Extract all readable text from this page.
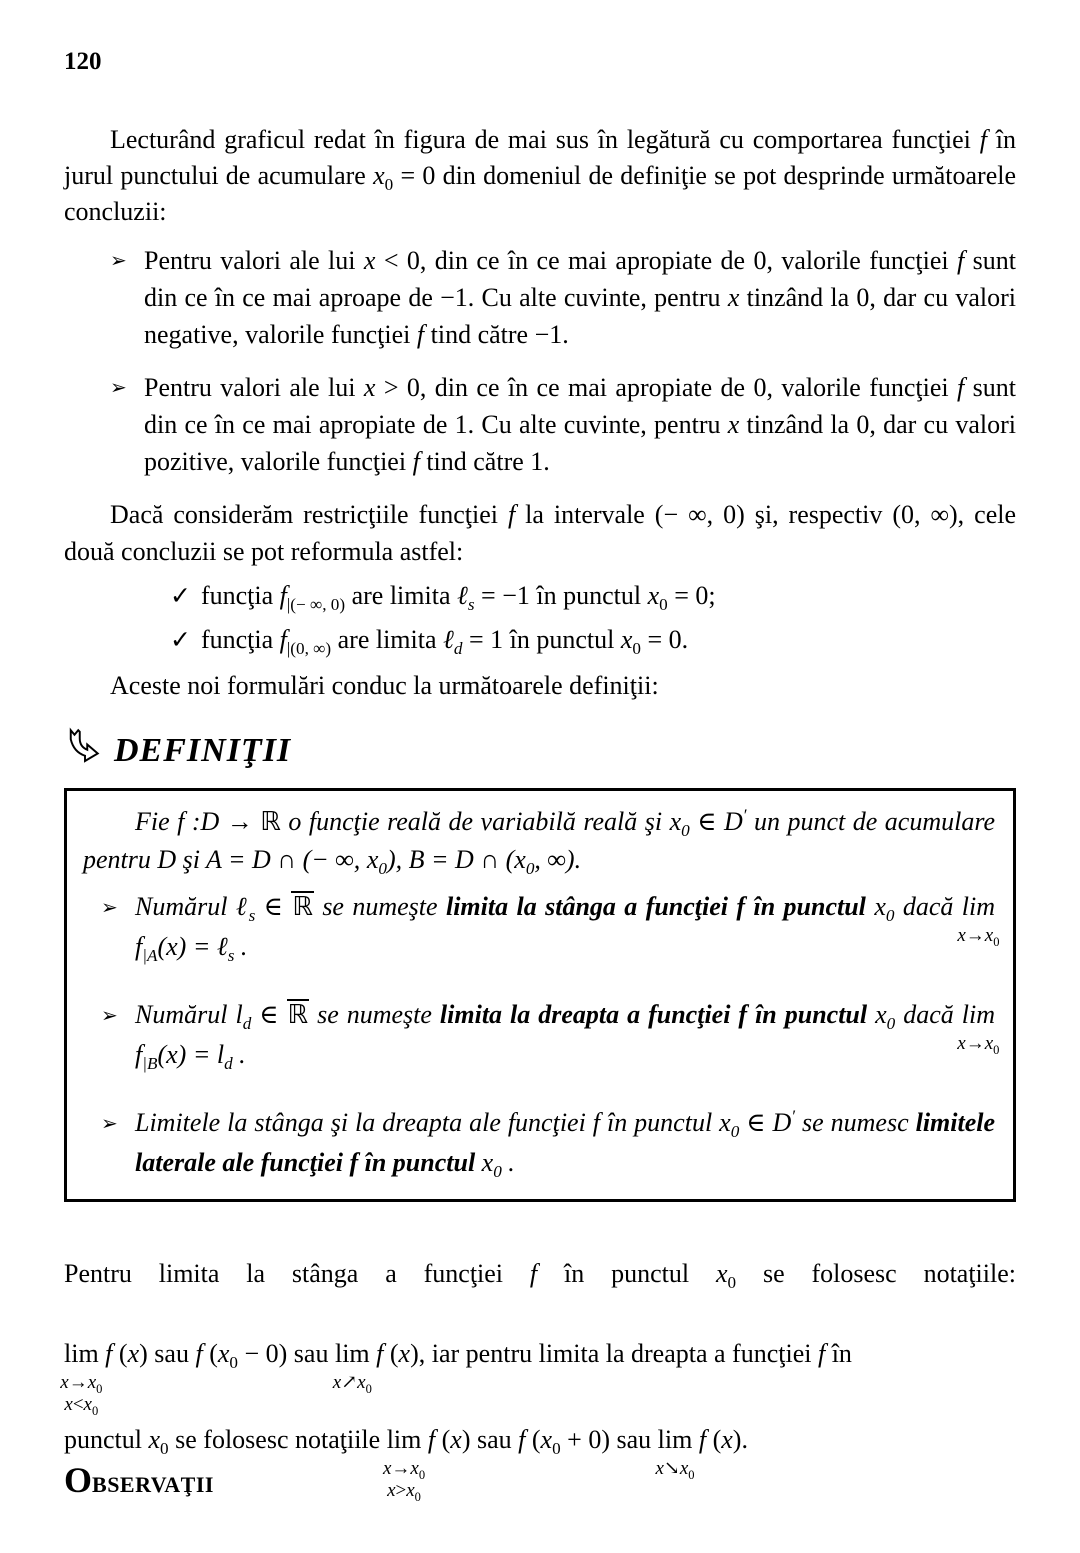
120

Lecturând graficul redat în figura de mai sus în legătură cu comportarea funcţiei f în jurul punctului de acumulare $x_0 = 0$ din domeniul de definiţie se pot desprinde următoarele concluzii:

➢ Pentru valori ale lui x < 0, din ce în ce mai apropiate de 0, valorile funcţiei f sunt din ce în ce mai aproape de −1. Cu alte cuvinte, pentru x tinzând la 0, dar cu valori negative, valorile funcţiei f tind către −1.

➢ Pentru valori ale lui x > 0, din ce în ce mai apropiate de 0, valorile funcţiei f sunt din ce în ce mai apropiate de 1. Cu alte cuvinte, pentru x tinzând la 0, dar cu valori pozitive, valorile funcţiei f tind către 1.

Dacă considerăm restricţiile funcţiei f la intervale (− ∞, 0) şi, respectiv (0, ∞), cele două concluzii se pot reformula astfel:

✓ funcţia $f_{|(- \infty, 0)}$ are limita ℓ$_s$ = −1 în punctul $x_0 = 0$;
✓ funcţia $f_{|(0, \infty)}$ are limita ℓ$_d$ = 1 în punctul $x_0 = 0$.

Aceste noi formulări conduc la următoarele definiţii:

DEFINIŢII

Fie f :D → ℝ o funcţie reală de variabilă reală şi $x_0$ ∈ D′ un punct de acumulare pentru D şi A = D ∩ (− ∞, $x_0$), B = D ∩ ($x_0$, ∞).

➢ Numărul ℓ$_s$ ∈ ℝ se numeşte limita la stânga a funcţiei f în punctul $x_0$ dacă lim
$x\to x_0$
$f_{|A}(x)$ = ℓ$_s$ .

➢ Numărul $l_d$ ∈ ℝ se numeşte limita la dreapta a funcţiei f în punctul $x_0$ dacă lim
$x\to x_0$
$f_{|B}(x) = l_d$ .

➢ Limitele la stânga şi la dreapta ale funcţiei f în punctul $x_0$ ∈ D′ se numesc limitele laterale ale funcţiei f în punctul $x_0$ .

Pentru limita la stânga a funcţiei f în punctul $x_0$ se folosesc notaţiile:

lim
$x\to x_0$
$x<x_0$
f (x) sau f $(x_0 - 0)$ sau lim
$x↗x_0$
f (x), iar pentru limita la dreapta a funcţiei f în

punctul $x_0$ se folosesc notaţiile lim
$x\to x_0$
$x>x_0$
f (x) sau f $(x_0 + 0)$ sau lim
$x↘x_0$
f (x).

OBSERVAŢII
